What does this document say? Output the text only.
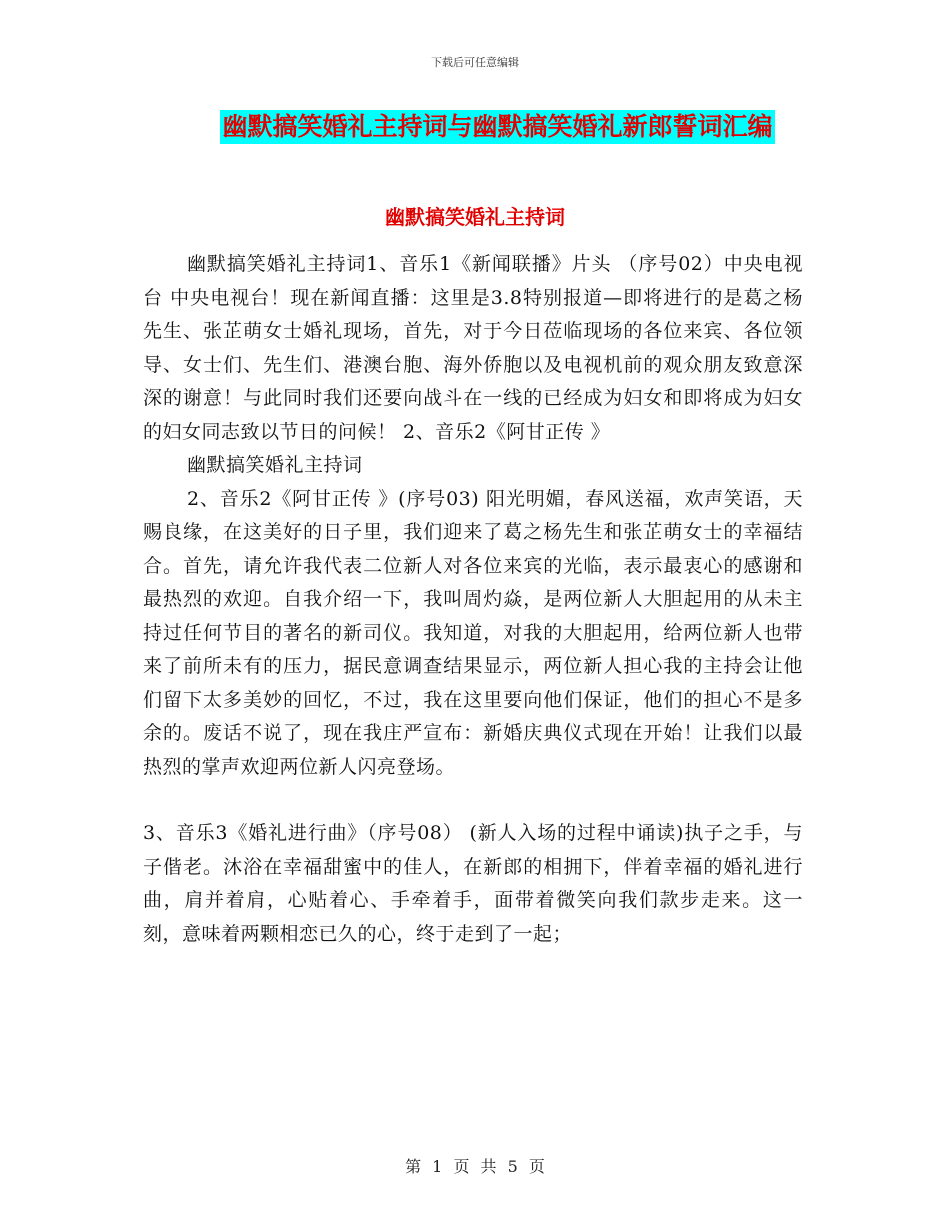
下载后可任意编辑
幽默搞笑婚礼主持词与幽默搞笑婚礼新郎誓词汇编
幽默搞笑婚礼主持词

幽默搞笑婚礼主持词1、音乐1《新闻联播》片头 （序号02）中央电视台 中央电视台！现在新闻直播：这里是3.8特别报道—即将进行的是葛之杨先生、张芷萌女士婚礼现场，首先，对于今日莅临现场的各位来宾、各位领导、女士们、先生们、港澳台胞、海外侨胞以及电视机前的观众朋友致意深深的谢意！与此同时我们还要向战斗在一线的已经成为妇女和即将成为妇女的妇女同志致以节日的问候！ 2、音乐2《阿甘正传 》

幽默搞笑婚礼主持词

2、音乐2《阿甘正传 》(序号03) 阳光明媚，春风送福，欢声笑语，天赐良缘，在这美好的日子里，我们迎来了葛之杨先生和张芷萌女士的幸福结合。首先，请允许我代表二位新人对各位来宾的光临，表示最衷心的感谢和最热烈的欢迎。自我介绍一下，我叫周灼焱，是两位新人大胆起用的从未主持过任何节目的著名的新司仪。我知道，对我的大胆起用，给两位新人也带来了前所未有的压力，据民意调查结果显示，两位新人担心我的主持会让他们留下太多美妙的回忆，不过，我在这里要向他们保证，他们的担心不是多余的。废话不说了，现在我庄严宣布：新婚庆典仪式现在开始！让我们以最热烈的掌声欢迎两位新人闪亮登场。

3、音乐3《婚礼进行曲》（序号08） (新人入场的过程中诵读)执子之手，与子偕老。沐浴在幸福甜蜜中的佳人，在新郎的相拥下，伴着幸福的婚礼进行曲，肩并着肩，心贴着心、手牵着手，面带着微笑向我们款步走来。这一刻，意味着两颗相恋已久的心，终于走到了一起；

第 1 页 共 5 页
